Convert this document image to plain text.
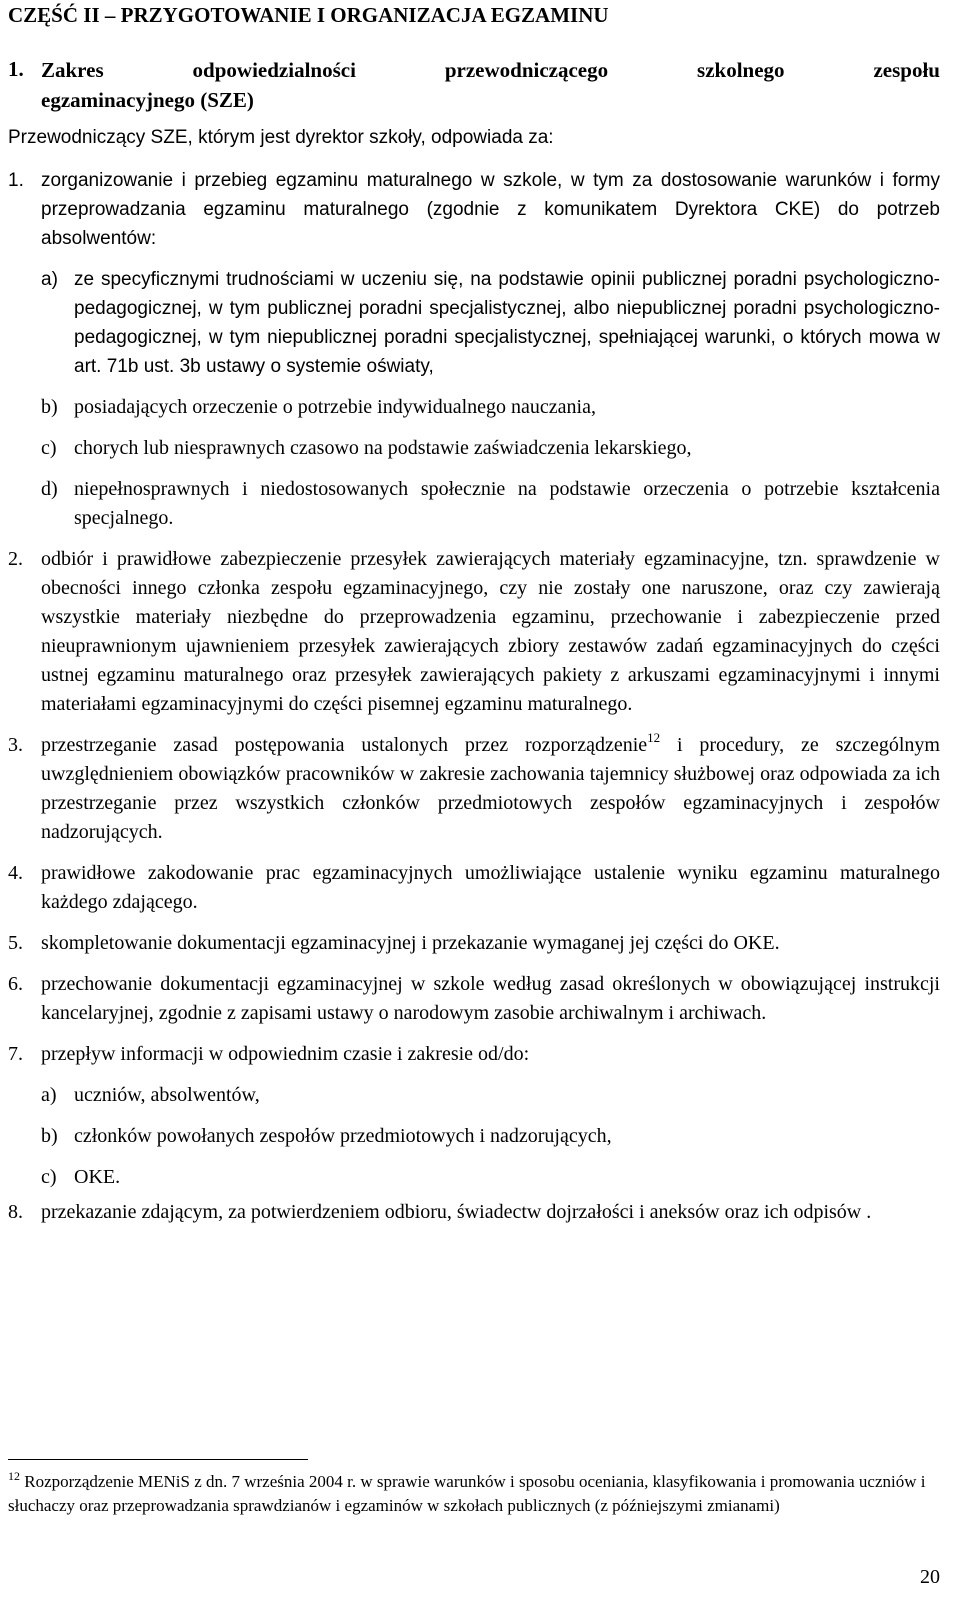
CZĘŚĆ II – PRZYGOTOWANIE I ORGANIZACJA EGZAMINU
1. Zakres odpowiedzialności przewodniczącego szkolnego zespołu
egzaminacyjnego (SZE)
Przewodniczący SZE, którym jest dyrektor szkoły, odpowiada za:
1. zorganizowanie i przebieg egzaminu maturalnego w szkole, w tym za dostosowanie warunków i formy przeprowadzania egzaminu maturalnego (zgodnie z komunikatem Dyrektora CKE) do potrzeb absolwentów:
a) ze specyficznymi trudnościami w uczeniu się, na podstawie opinii publicznej poradni psychologiczno-pedagogicznej, w tym publicznej poradni specjalistycznej, albo niepublicznej poradni psychologiczno-pedagogicznej, w tym niepublicznej poradni specjalistycznej, spełniającej warunki, o których mowa w art. 71b ust. 3b ustawy o systemie oświaty,
b) posiadających orzeczenie o potrzebie indywidualnego nauczania,
c) chorych lub niesprawnych czasowo na podstawie zaświadczenia lekarskiego,
d) niepełnosprawnych i niedostosowanych społecznie na podstawie orzeczenia o potrzebie kształcenia specjalnego.
2. odbiór i prawidłowe zabezpieczenie przesyłek zawierających materiały egzaminacyjne, tzn. sprawdzenie w obecności innego członka zespołu egzaminacyjnego, czy nie zostały one naruszone, oraz czy zawierają wszystkie materiały niezbędne do przeprowadzenia egzaminu, przechowanie i zabezpieczenie przed nieuprawnionym ujawnieniem przesyłek zawierających zbiory zestawów zadań egzaminacyjnych do części ustnej egzaminu maturalnego oraz przesyłek zawierających pakiety z arkuszami egzaminacyjnymi i innymi materiałami egzaminacyjnymi do części pisemnej egzaminu maturalnego.
3. przestrzeganie zasad postępowania ustalonych przez rozporządzenie$^{12}$ i procedury, ze szczególnym uwzględnieniem obowiązków pracowników w zakresie zachowania tajemnicy służbowej oraz odpowiada za ich przestrzeganie przez wszystkich członków przedmiotowych zespołów egzaminacyjnych i zespołów nadzorujących.
4. prawidłowe zakodowanie prac egzaminacyjnych umożliwiające ustalenie wyniku egzaminu maturalnego każdego zdającego.
5. skompletowanie dokumentacji egzaminacyjnej i przekazanie wymaganej jej części do OKE.
6. przechowanie dokumentacji egzaminacyjnej w szkole według zasad określonych w obowiązującej instrukcji kancelaryjnej, zgodnie z zapisami ustawy o narodowym zasobie archiwalnym i archiwach.
7. przepływ informacji w odpowiednim czasie i zakresie od/do:
a) uczniów, absolwentów,
b) członków powołanych zespołów przedmiotowych i nadzorujących,
c) OKE.
8. przekazanie zdającym, za potwierdzeniem odbioru, świadectw dojrzałości i aneksów oraz ich odpisów .
$^{12}$ Rozporządzenie MENiS z dn. 7 września 2004 r. w sprawie warunków i sposobu oceniania, klasyfikowania i promowania uczniów i słuchaczy oraz przeprowadzania sprawdzianów i egzaminów w szkołach publicznych (z późniejszymi zmianami)
20
